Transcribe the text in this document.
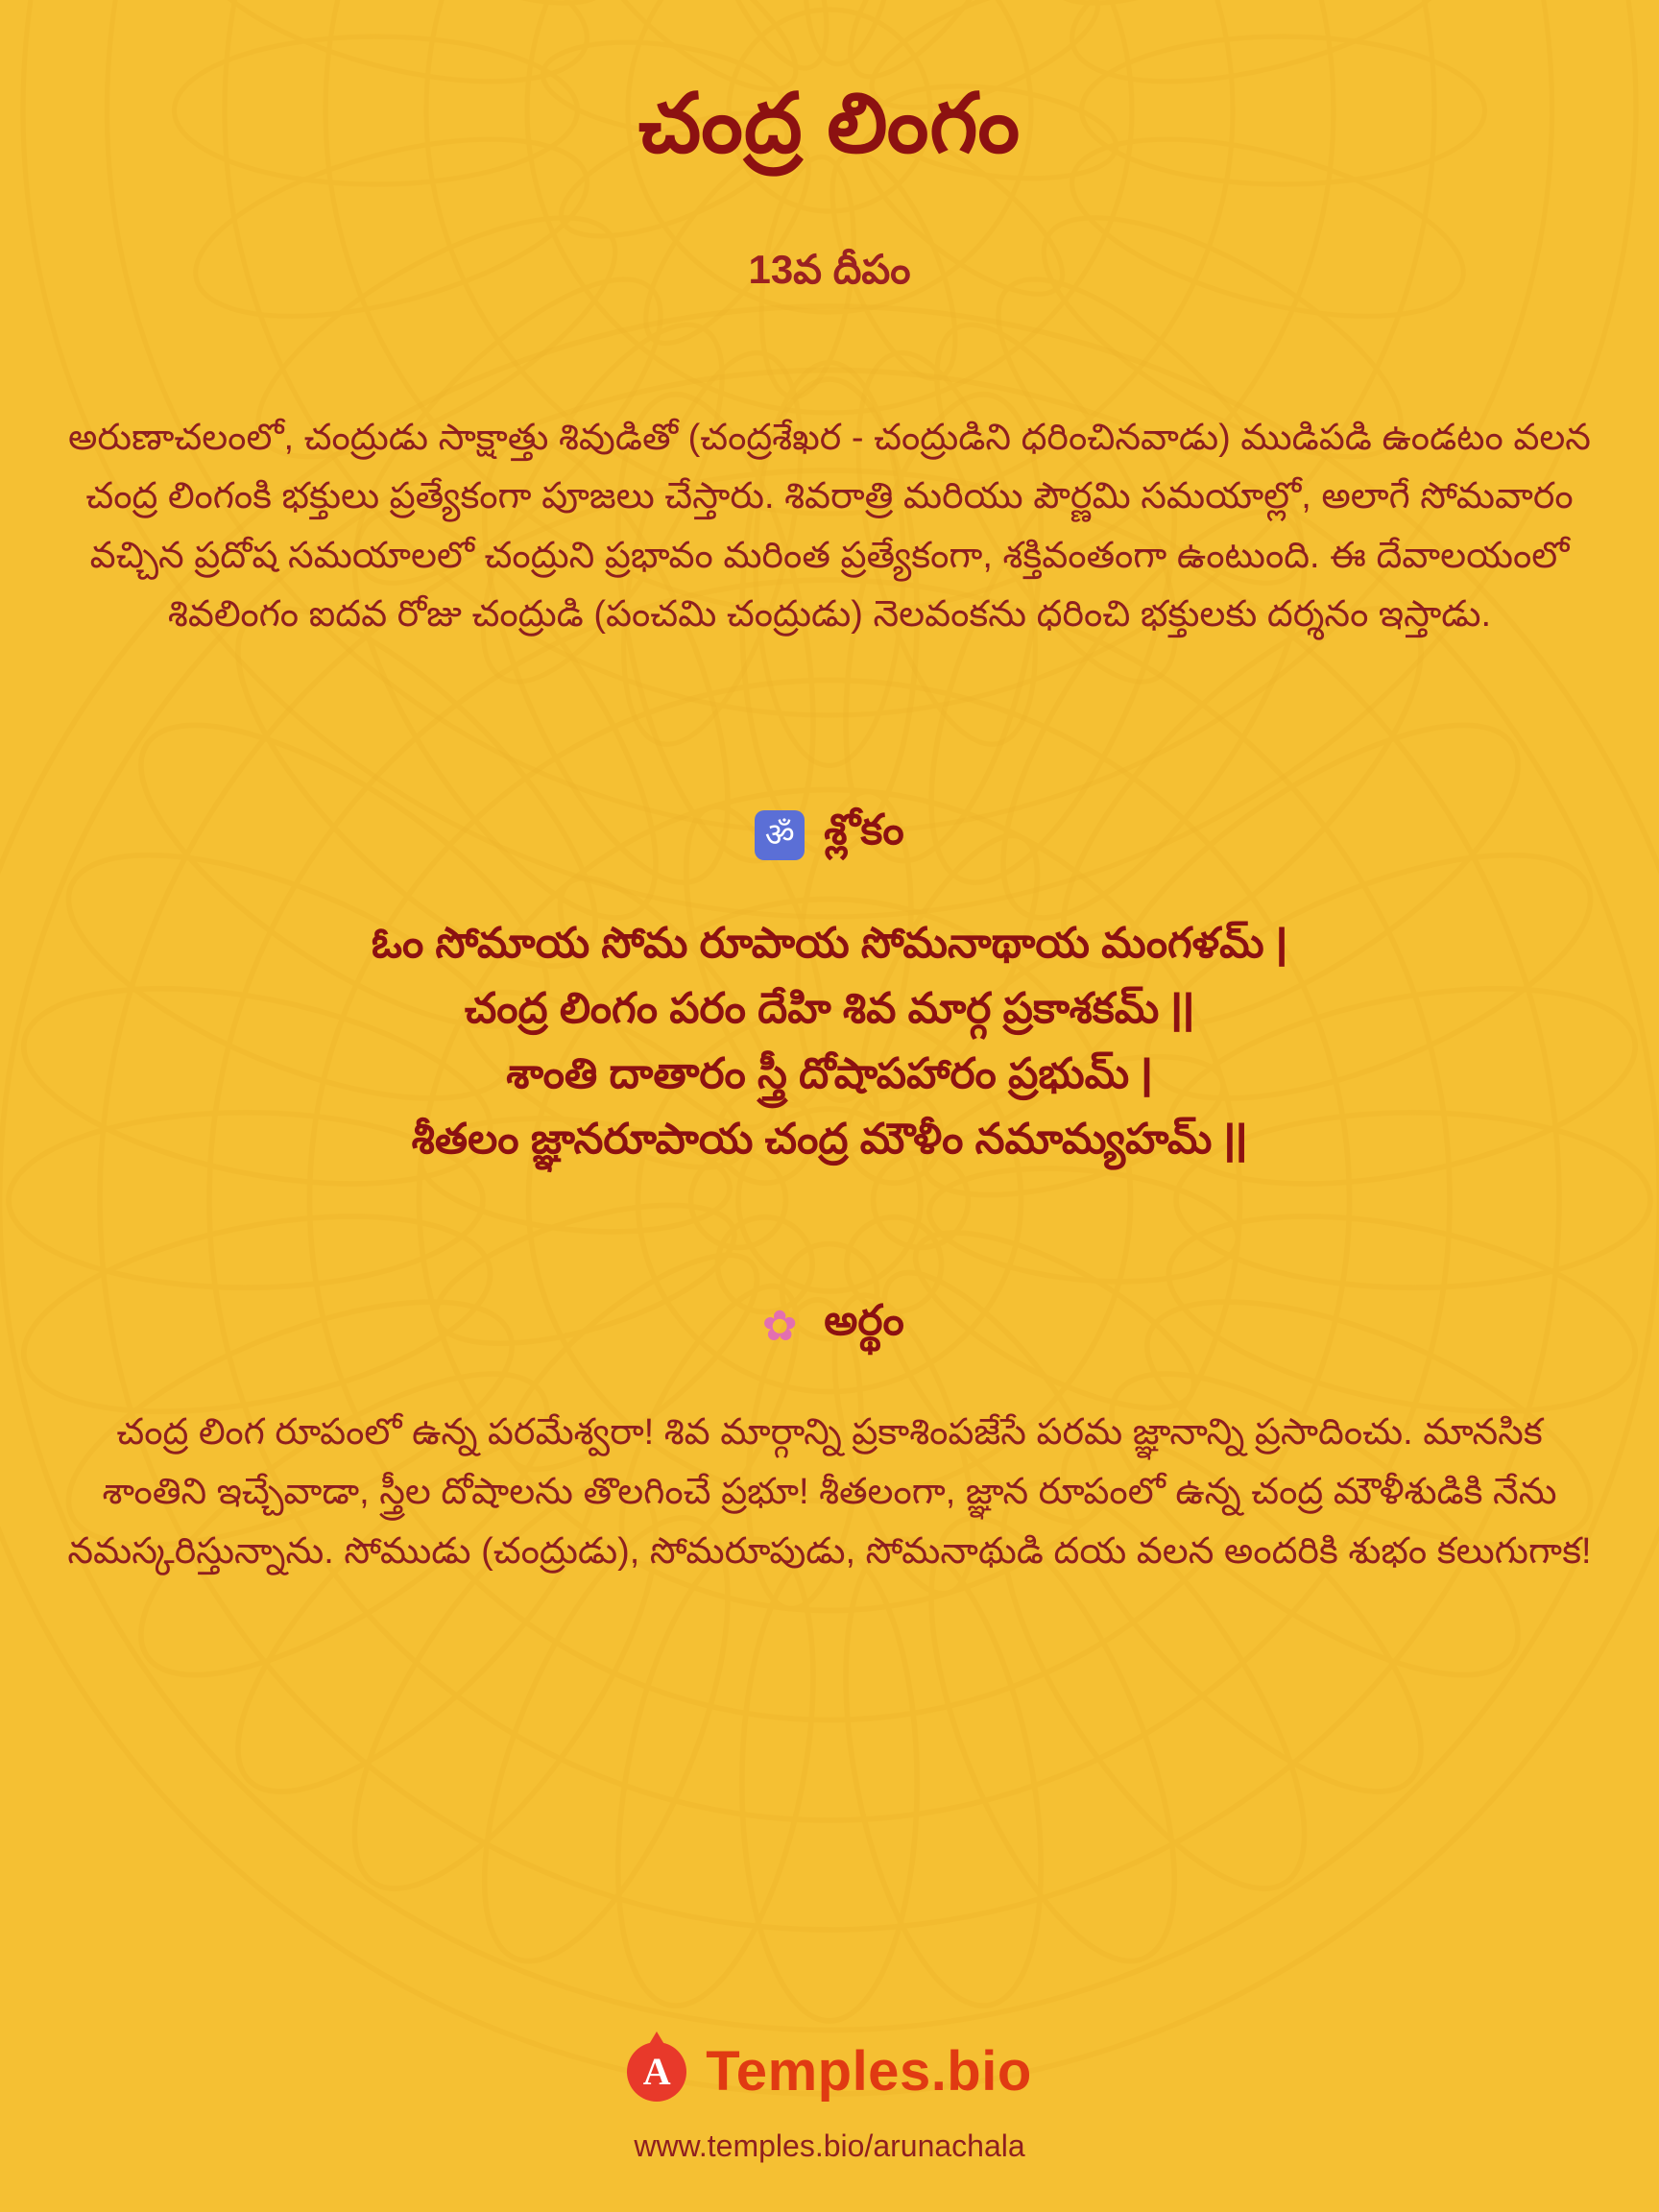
చంద్ర లింగం
13వ దీపం

అరుణాచలంలో, చంద్రుడు సాక్షాత్తు శివుడితో (చంద్రశేఖర - చంద్రుడిని ధరించినవాడు) ముడిపడి ఉండటం వలన చంద్ర లింగంకి భక్తులు ప్రత్యేకంగా పూజలు చేస్తారు. శివరాత్రి మరియు పౌర్ణమి సమయాల్లో, అలాగే సోమవారం వచ్చిన ప్రదోష సమయాలలో చంద్రుని ప్రభావం మరింత ప్రత్యేకంగా, శక్తివంతంగా ఉంటుంది. ఈ దేవాలయంలో శివలింగం ఐదవ రోజు చంద్రుడి (పంచమి చంద్రుడు) నెలవంకను ధరించి భక్తులకు దర్శనం ఇస్తాడు.

ॐ శ్లోకం
ఓం సోమాయ సోమ రూపాయ సోమనాథాయ మంగళమ్ |
చంద్ర లింగం పరం దేహి శివ మార్గ ప్రకాశకమ్ ||
శాంతి దాతారం స్త్రీ దోషాపహారం ప్రభుమ్ |
శీతలం జ్ఞానరూపాయ చంద్ర మౌళీం నమామ్యహమ్ ||
✿ అర్థం

చంద్ర లింగ రూపంలో ఉన్న పరమేశ్వరా! శివ మార్గాన్ని ప్రకాశింపజేసే పరమ జ్ఞానాన్ని ప్రసాదించు. మానసిక శాంతిని ఇచ్చేవాడా, స్త్రీల దోషాలను తొలగించే ప్రభూ! శీతలంగా, జ్ఞాన రూపంలో ఉన్న చంద్ర మౌళీశుడికి నేను నమస్కరిస్తున్నాను. సోముడు (చంద్రుడు), సోమరూపుడు, సోమనాథుడి దయ వలన అందరికి శుభం కలుగుగాక!

A Temples.bio
www.temples.bio/arunachala
